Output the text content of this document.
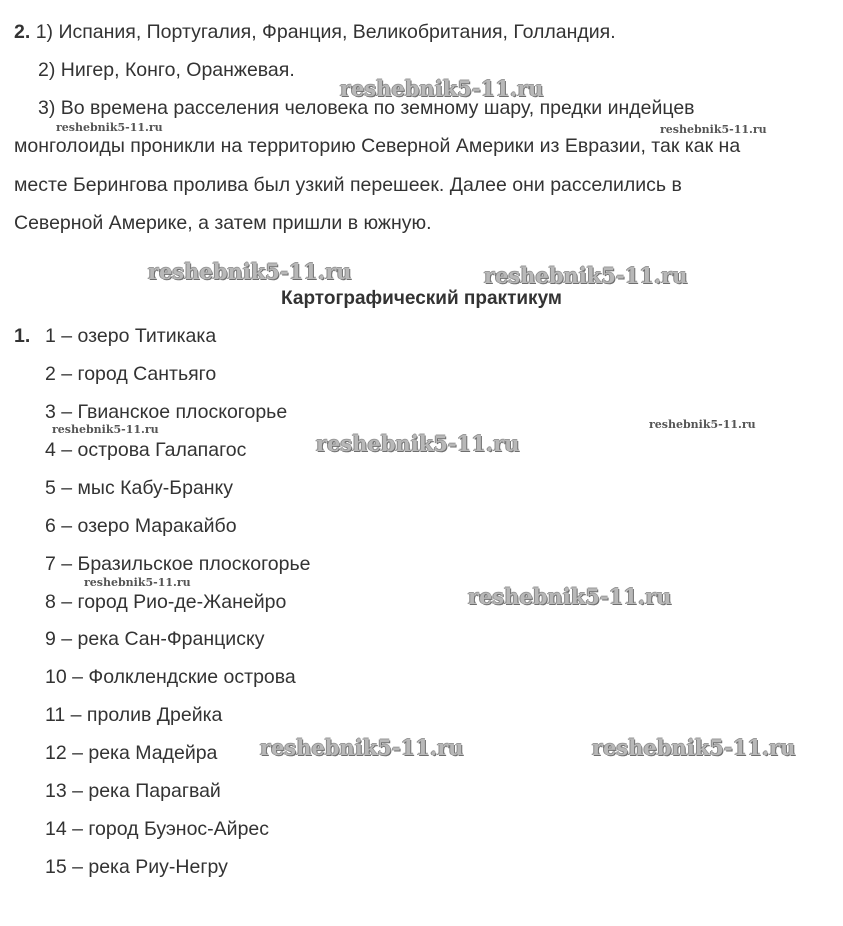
2. 1) Испания, Португалия, Франция, Великобритания, Голландия.
2) Нигер, Конго, Оранжевая.
3) Во времена расселения человека по земному шару, предки индейцев
монголоиды проникли на территорию Северной Америки из Евразии, так как на
месте Берингова пролива был узкий перешеек. Далее они расселились в
Северной Америке, а затем пришли в южную.
Картографический практикум
1. 1 – озеро Титикака
2 – город Сантьяго
3 – Гвианское плоскогорье
4 – острова Галапагос
5 – мыс Кабу-Бранку
6 – озеро Маракайбо
7 – Бразильское плоскогорье
8 – город Рио-де-Жанейро
9 – река Сан-Франциску
10 – Фолклендские острова
11 – пролив Дрейка
12 – река Мадейра
13 – река Парагвай
14 – город Буэнос-Айрес
15 – река Риу-Негру
reshebnik5-11.ru
reshebnik5-11.ru	reshebnik5-11.ru
reshebnik5-11.ru	reshebnik5-11.ru
reshebnik5-11.ru
reshebnik5-11.ru
reshebnik5-11.ru
reshebnik5-11.ru
reshebnik5-11.ru
reshebnik5-11.ru	reshebnik5-11.ru
